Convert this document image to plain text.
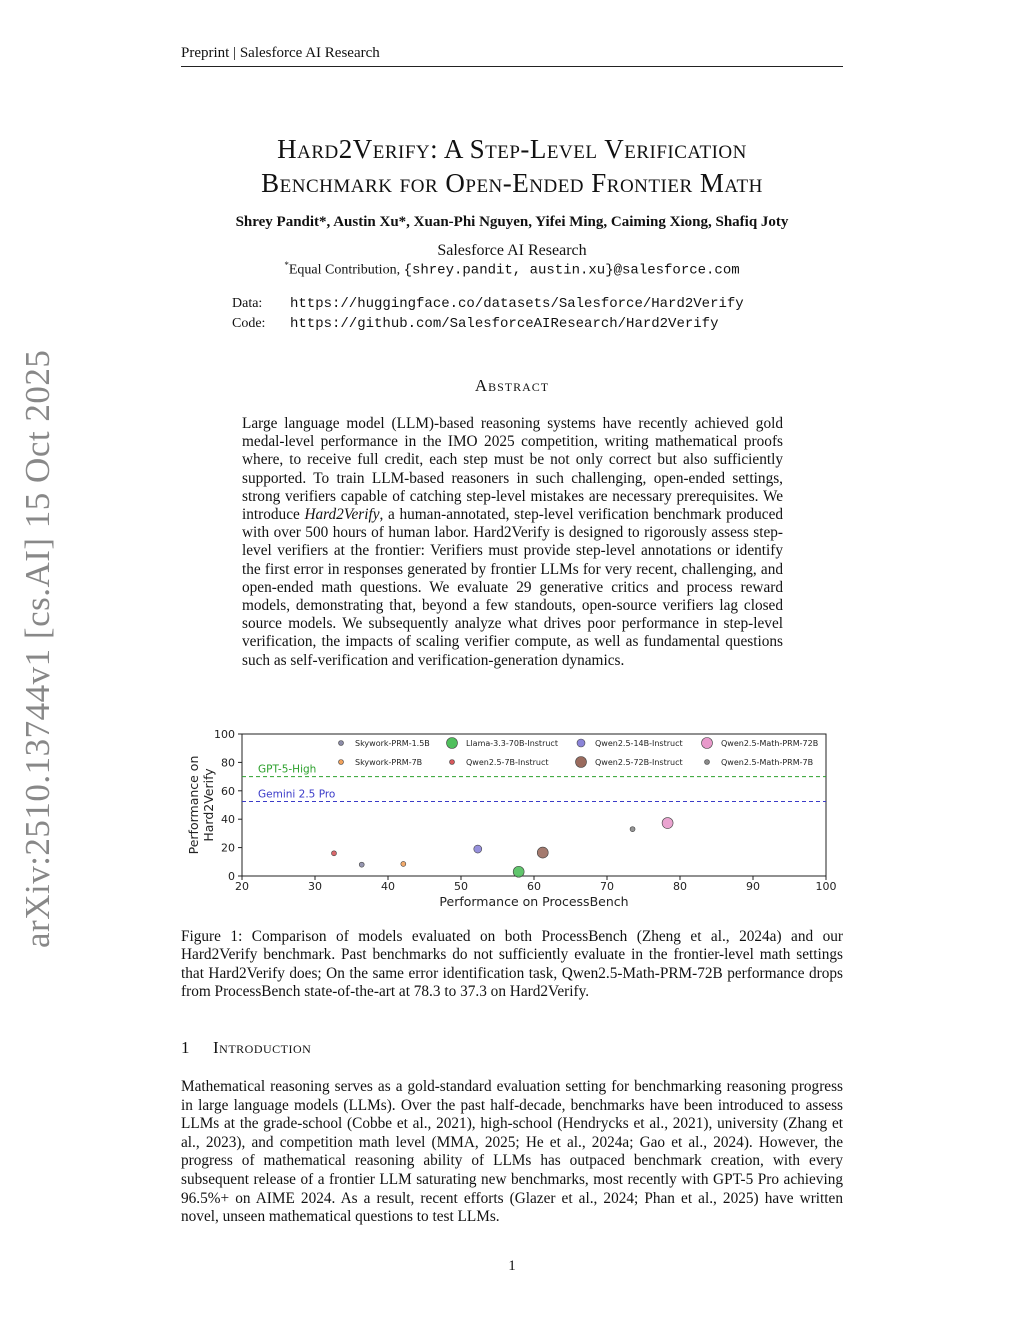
Preprint | Salesforce AI Research
arXiv:2510.13744v1 [cs.AI] 15 Oct 2025
Hard2Verify: A Step-Level Verification
Benchmark for Open-Ended Frontier Math
Shrey Pandit*, Austin Xu*, Xuan-Phi Nguyen, Yifei Ming, Caiming Xiong, Shafiq Joty
Salesforce AI Research
*Equal Contribution, {shrey.pandit, austin.xu}@salesforce.com
Data: https://huggingface.co/datasets/Salesforce/Hard2Verify
Code: https://github.com/SalesforceAIResearch/Hard2Verify
Abstract
Large language model (LLM)-based reasoning systems have recently achieved gold medal-level performance in the IMO 2025 competition, writing mathematical proofs where, to receive full credit, each step must be not only correct but also sufficiently supported. To train LLM-based reasoners in such challenging, open-ended settings, strong verifiers capable of catching step-level mistakes are necessary prerequisites. We introduce Hard2Verify, a human-annotated, step-level verification benchmark produced with over 500 hours of human labor. Hard2Verify is designed to rigorously assess step-level verifiers at the frontier: Verifiers must provide step-level annotations or identify the first error in responses generated by frontier LLMs for very recent, challenging, and open-ended math questions. We evaluate 29 generative critics and process reward models, demonstrating that, beyond a few standouts, open-source verifiers lag closed source models. We subsequently analyze what drives poor performance in step-level verification, the impacts of scaling verifier compute, as well as fundamental questions such as self-verification and verification-generation dynamics.
20	30	40	50	60	70	80	90	100
0
20
40
60
80
100
Performance on ProcessBench
Performance on Hard2Verify	GPT-5-High
Gemini 2.5 Pro
Skywork-PRM-1.5B	Llama-3.3-70B-Instruct	Qwen2.5-14B-Instruct	Qwen2.5-Math-PRM-72B
Skywork-PRM-7B	Qwen2.5-7B-Instruct	Qwen2.5-72B-Instruct	Qwen2.5-Math-PRM-7B
Figure 1: Comparison of models evaluated on both ProcessBench (Zheng et al., 2024a) and our Hard2Verify benchmark. Past benchmarks do not sufficiently evaluate in the frontier-level math settings that Hard2Verify does; On the same error identification task, Qwen2.5-Math-PRM-72B performance drops from ProcessBench state-of-the-art at 78.3 to 37.3 on Hard2Verify.
1 Introduction
Mathematical reasoning serves as a gold-standard evaluation setting for benchmarking reasoning progress in large language models (LLMs). Over the past half-decade, benchmarks have been introduced to assess LLMs at the grade-school (Cobbe et al., 2021), high-school (Hendrycks et al., 2021), university (Zhang et al., 2023), and competition math level (MMA, 2025; He et al., 2024a; Gao et al., 2024). However, the progress of mathematical reasoning ability of LLMs has outpaced benchmark creation, with every subsequent release of a frontier LLM saturating new benchmarks, most recently with GPT-5 Pro achieving 96.5%+ on AIME 2024. As a result, recent efforts (Glazer et al., 2024; Phan et al., 2025) have written novel, unseen mathematical questions to test LLMs.
1
